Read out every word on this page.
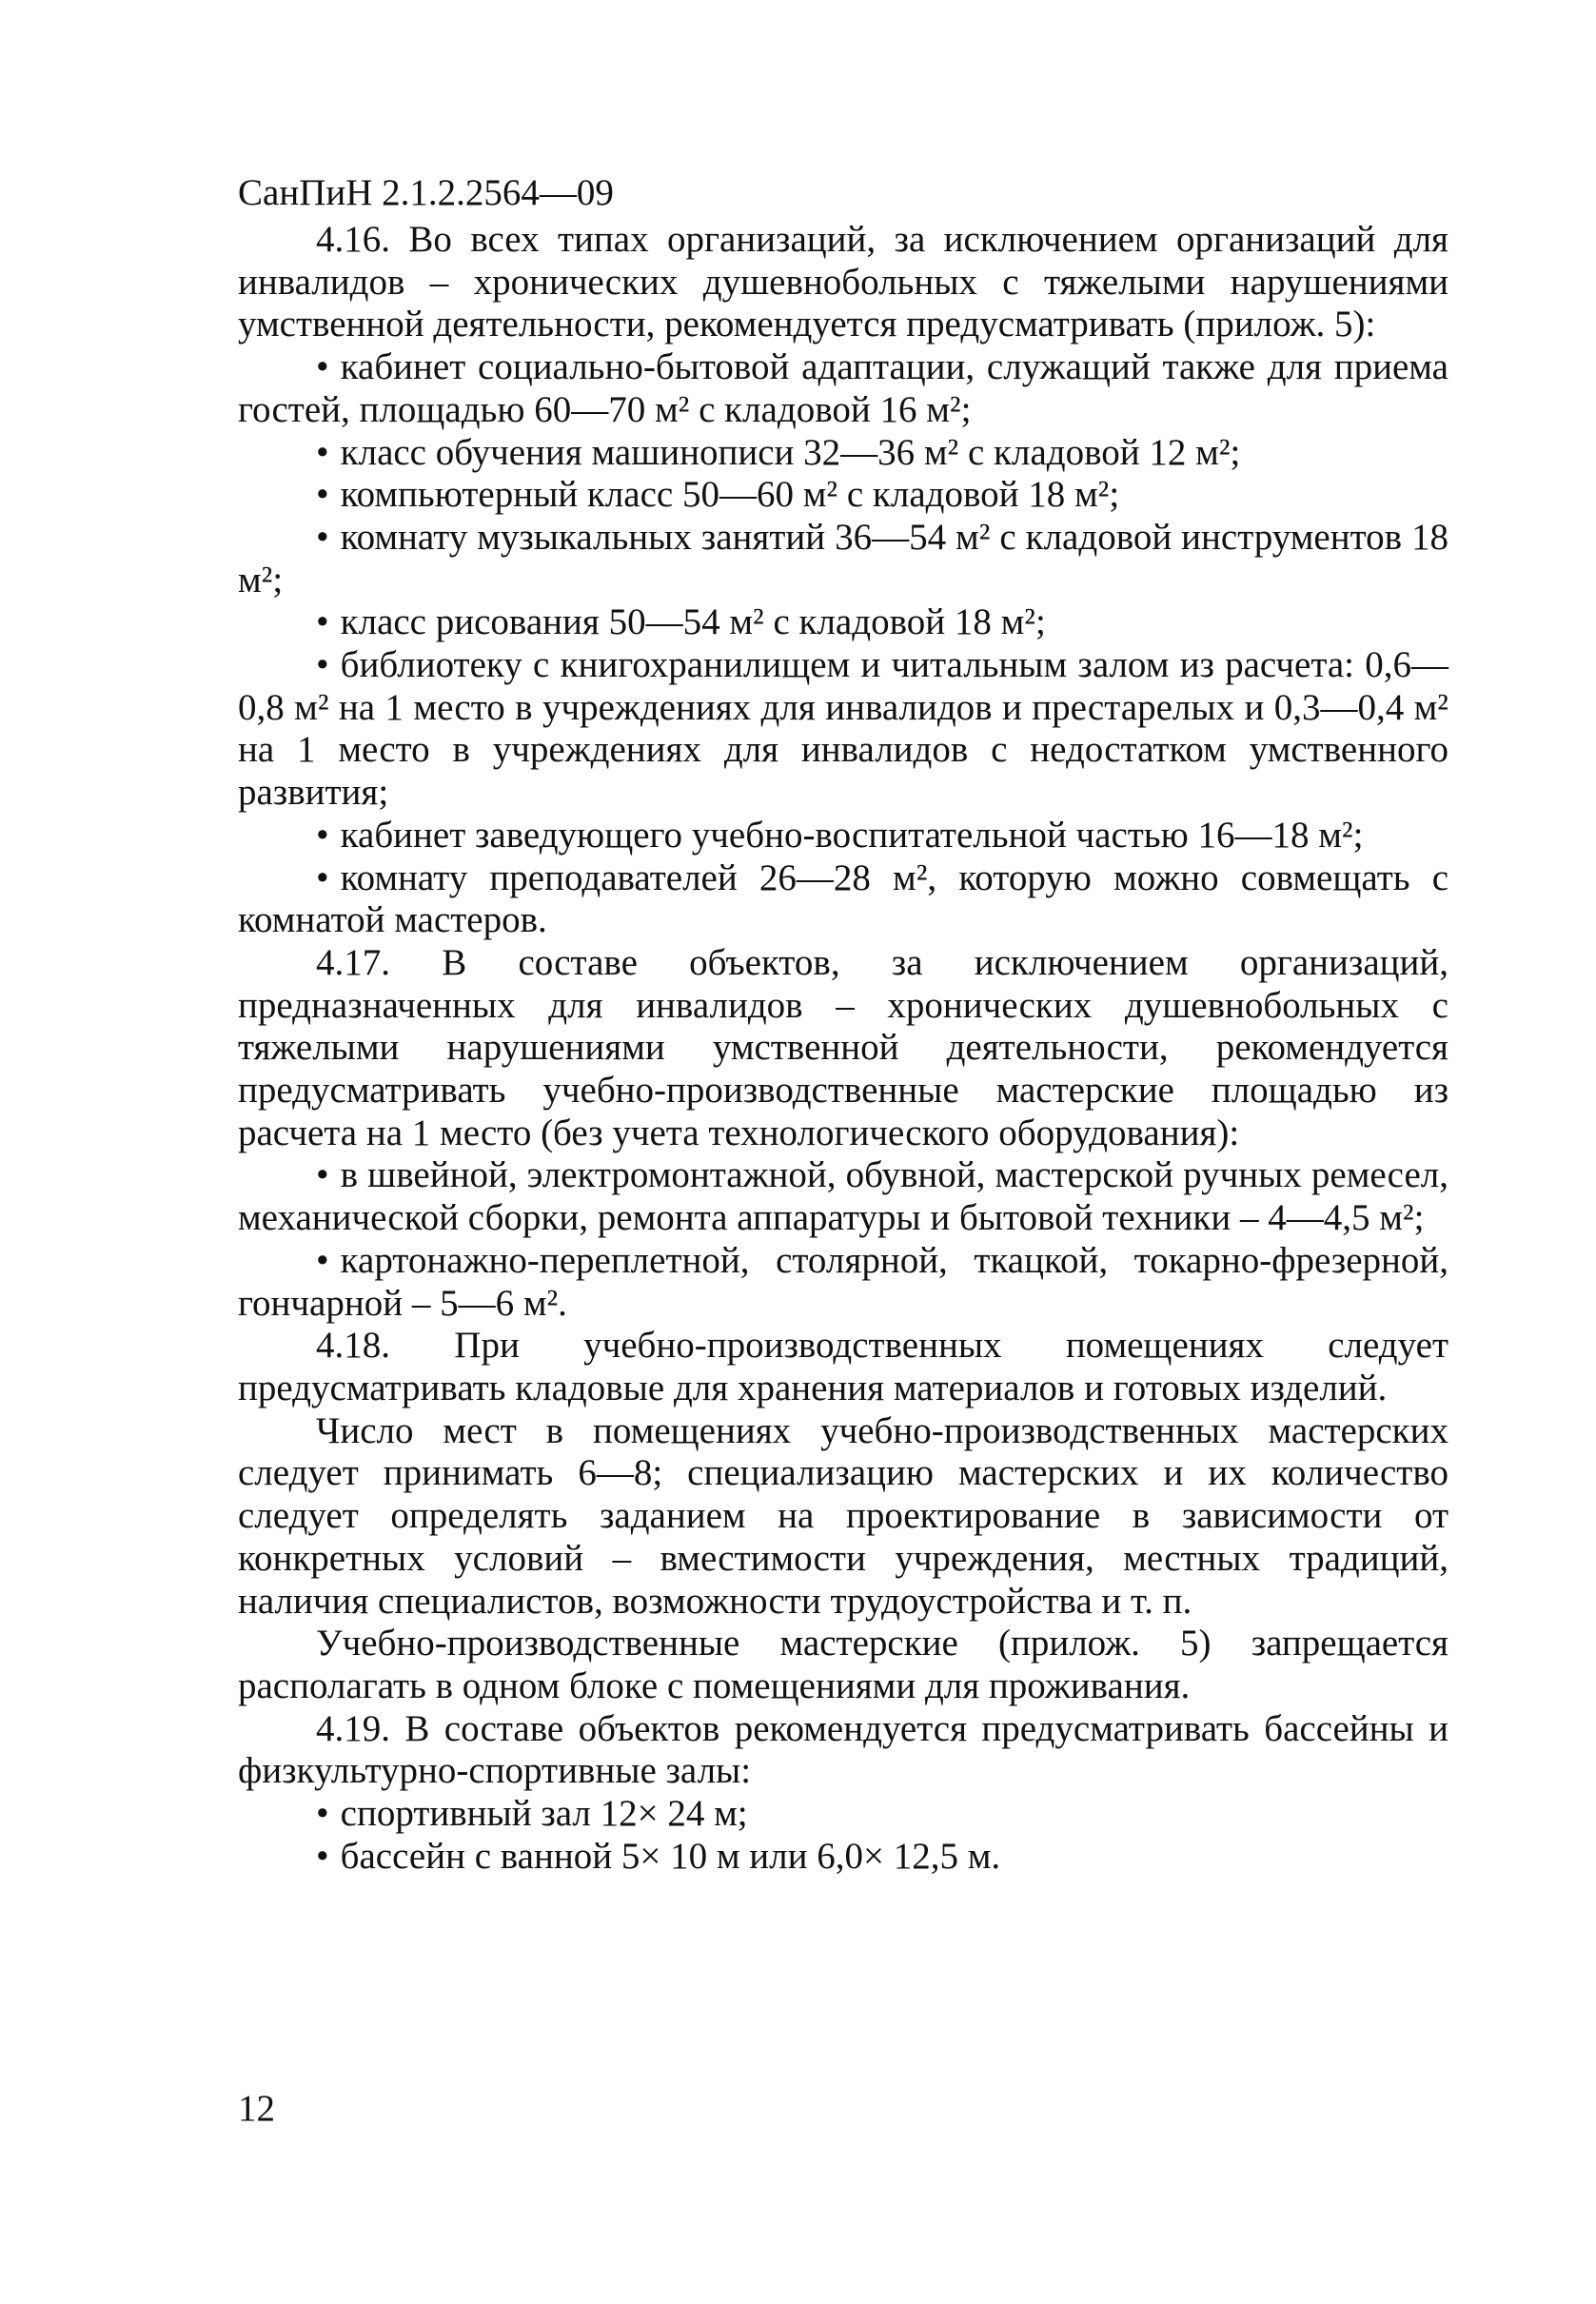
СанПиН 2.1.2.2564—09

4.16. Во всех типах организаций, за исключением организаций для инвалидов – хронических душевнобольных с тяжелыми нарушениями умственной деятельности, рекомендуется предусматривать (прилож. 5):

• кабинет социально-бытовой адаптации, служащий также для приема гостей, площадью 60—70 м² с кладовой 16 м²;

• класс обучения машинописи 32—36 м² с кладовой 12 м²;

• компьютерный класс 50—60 м² с кладовой 18 м²;

• комнату музыкальных занятий 36—54 м² с кладовой инструментов 18 м²;

• класс рисования 50—54 м² с кладовой 18 м²;

• библиотеку с книгохранилищем и читальным залом из расчета: 0,6—0,8 м² на 1 место в учреждениях для инвалидов и престарелых и 0,3—0,4 м² на 1 место в учреждениях для инвалидов с недостатком умственного развития;

• кабинет заведующего учебно-воспитательной частью 16—18 м²;

• комнату преподавателей 26—28 м², которую можно совмещать с комнатой мастеров.

4.17. В составе объектов, за исключением организаций, предназначенных для инвалидов – хронических душевнобольных с тяжелыми нарушениями умственной деятельности, рекомендуется предусматривать учебно-производственные мастерские площадью из расчета на 1 место (без учета технологического оборудования):

• в швейной, электромонтажной, обувной, мастерской ручных ремесел, механической сборки, ремонта аппаратуры и бытовой техники – 4—4,5 м²;

• картонажно-переплетной, столярной, ткацкой, токарно-фрезерной, гончарной – 5—6 м².

4.18. При учебно-производственных помещениях следует предусматривать кладовые для хранения материалов и готовых изделий.

Число мест в помещениях учебно-производственных мастерских следует принимать 6—8; специализацию мастерских и их количество следует определять заданием на проектирование в зависимости от конкретных условий – вместимости учреждения, местных традиций, наличия специалистов, возможности трудоустройства и т. п.

Учебно-производственные мастерские (прилож. 5) запрещается располагать в одном блоке с помещениями для проживания.

4.19. В составе объектов рекомендуется предусматривать бассейны и физкультурно-спортивные залы:

• спортивный зал 12× 24 м;

• бассейн с ванной 5× 10 м или 6,0× 12,5 м.

12
